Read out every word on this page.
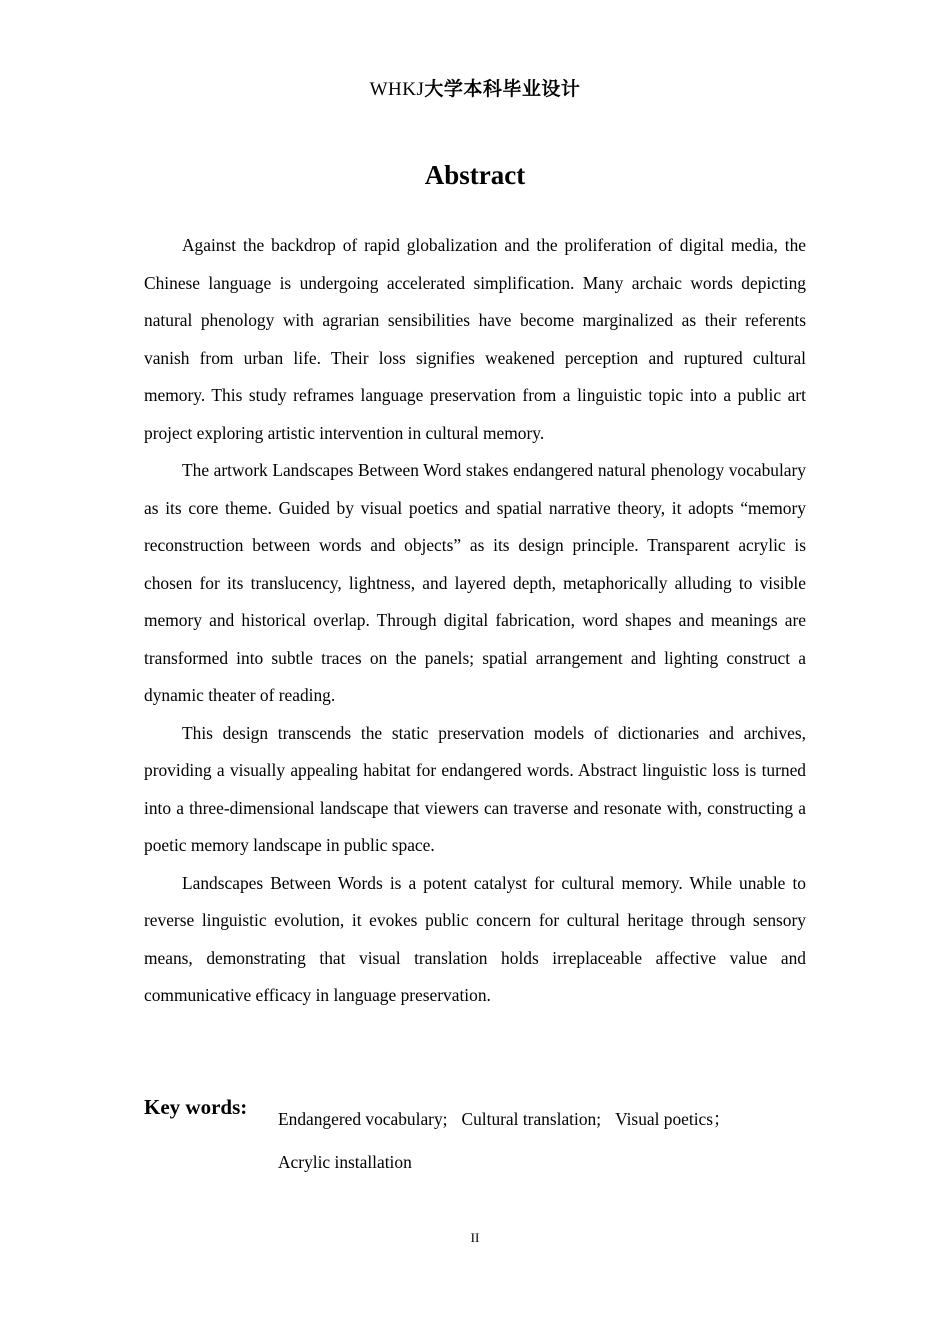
WHKJ大学本科毕业设计
Abstract

Against the backdrop of rapid globalization and the proliferation of digital media, the Chinese language is undergoing accelerated simplification. Many archaic words depicting natural phenology with agrarian sensibilities have become marginalized as their referents vanish from urban life. Their loss signifies weakened perception and ruptured cultural memory. This study reframes language preservation from a linguistic topic into a public art project exploring artistic intervention in cultural memory.

The artwork Landscapes Between Word stakes endangered natural phenology vocabulary as its core theme. Guided by visual poetics and spatial narrative theory, it adopts “memory reconstruction between words and objects” as its design principle. Transparent acrylic is chosen for its translucency, lightness, and layered depth, metaphorically alluding to visible memory and historical overlap. Through digital fabrication, word shapes and meanings are transformed into subtle traces on the panels; spatial arrangement and lighting construct a dynamic theater of reading.

This design transcends the static preservation models of dictionaries and archives, providing a visually appealing habitat for endangered words. Abstract linguistic loss is turned into a three-dimensional landscape that viewers can traverse and resonate with, constructing a poetic memory landscape in public space.

Landscapes Between Words is a potent catalyst for cultural memory. While unable to reverse linguistic evolution, it evokes public concern for cultural heritage through sensory means, demonstrating that visual translation holds irreplaceable affective value and communicative efficacy in language preservation.

Key words: Endangered vocabulary; Cultural translation; Visual poetics；
Acrylic installation
II
